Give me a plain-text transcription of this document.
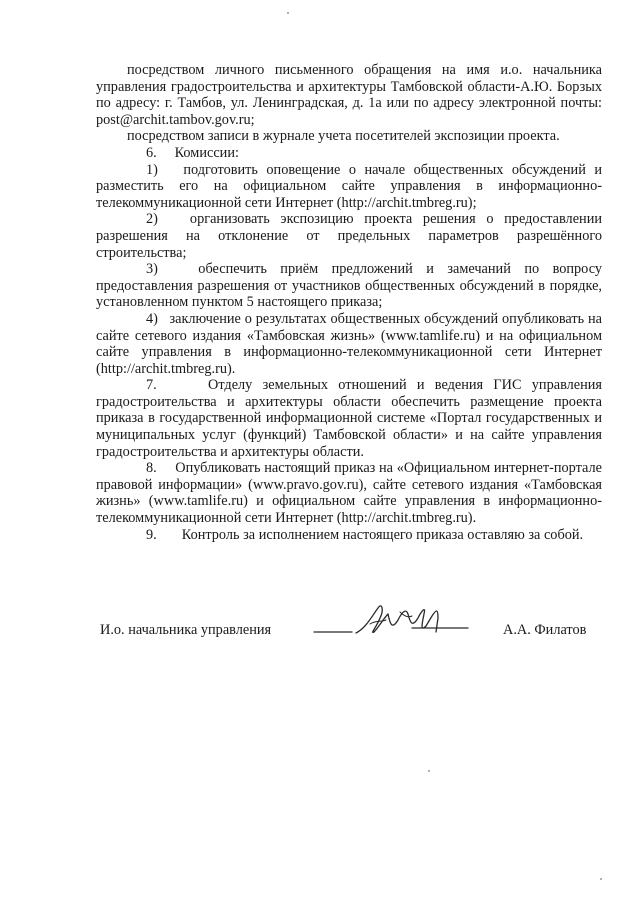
посредством личного письменного обращения на имя и.о. начальника управления градостроительства и архитектуры Тамбовской области-А.Ю. Борзых по адресу: г. Тамбов, ул. Ленинградская, д. 1а или по адресу электронной почты: post@archit.tambov.gov.ru;

посредством записи в журнале учета посетителей экспозиции проекта.

6.     Комиссии:

1)   подготовить оповещение о начале общественных обсуждений и разместить его на официальном сайте управления в информационно-телекоммуникационной сети Интернет (http://archit.tmbreg.ru);

2)   организовать экспозицию проекта решения о предоставлении разрешения на отклонение от предельных параметров разрешённого строительства;

3)   обеспечить приём предложений и замечаний по вопросу предоставления разрешения от участников общественных обсуждений в порядке, установленном пунктом 5 настоящего приказа;

4)   заключение о результатах общественных обсуждений опубликовать на сайте сетевого издания «Тамбовская жизнь» (www.tamlife.ru) и на официальном сайте управления в информационно-телекоммуникационной сети Интернет (http://archit.tmbreg.ru).

7.     Отделу земельных отношений и ведения ГИС управления градостроительства и архитектуры области обеспечить размещение проекта приказа в государственной информационной системе «Портал государственных и муниципальных услуг (функций) Тамбовской области» и на сайте управления градостроительства и архитектуры области.

8.     Опубликовать настоящий приказ на «Официальном интернет-портале правовой информации» (www.pravo.gov.ru), сайте сетевого издания «Тамбовская жизнь» (www.tamlife.ru) и официальном сайте управления в информационно-телекоммуникационной сети Интернет (http://archit.tmbreg.ru).

9.       Контроль за исполнением настоящего приказа оставляю за собой.

И.о. начальника управления	А.А. Филатов
